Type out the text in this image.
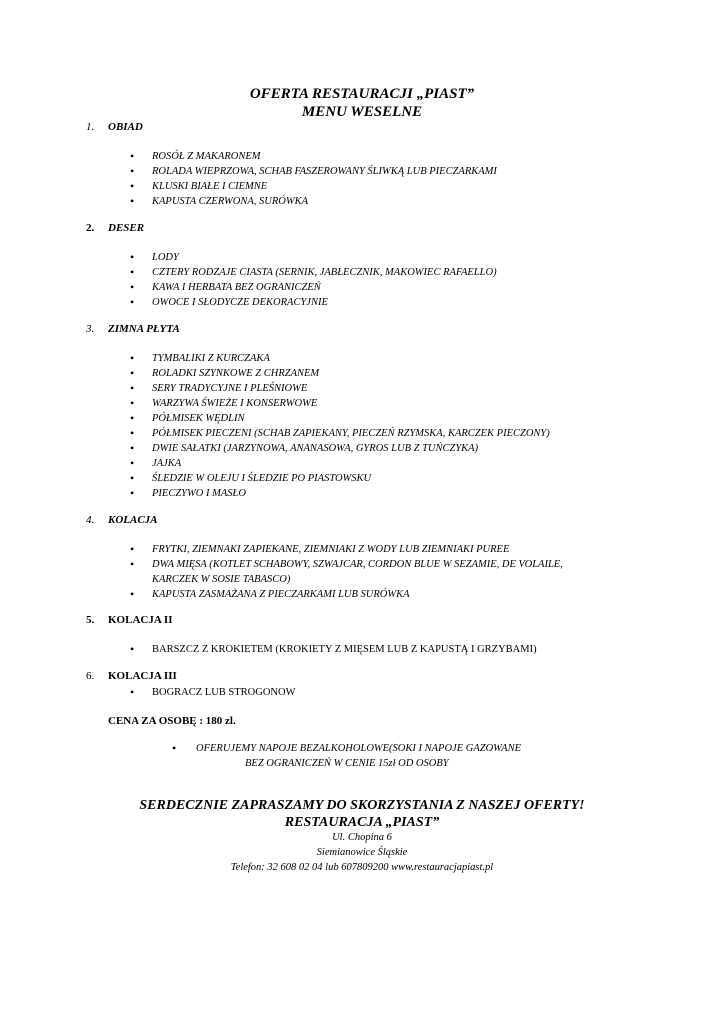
OFERTA RESTAURACJI „PIAST”
MENU WESELNE
1. OBIAD
• ROSÓŁ Z MAKARONEM
• ROLADA WIEPRZOWA, SCHAB FASZEROWANY ŚLIWKĄ LUB PIECZARKAMI
• KLUSKI BIAŁE I CIEMNE
• KAPUSTA CZERWONA, SURÓWKA
2. DESER
• LODY
• CZTERY RODZAJE CIASTA (SERNIK, JABŁECZNIK, MAKOWIEC RAFAELLO)
• KAWA I HERBATA BEZ OGRANICZEŃ
• OWOCE I SŁODYCZE DEKORACYJNIE
3. ZIMNA PŁYTA
• TYMBALIKI Z KURCZAKA
• ROLADKI SZYNKOWE Z CHRZANEM
• SERY TRADYCYJNE I PLEŚNIOWE
• WARZYWA ŚWIEŻE I KONSERWOWE
• PÓŁMISEK WĘDLIN
• PÓŁMISEK PIECZENI (SCHAB ZAPIEKANY, PIECZEŃ RZYMSKA, KARCZEK PIECZONY)
• DWIE SAŁATKI (JARZYNOWA, ANANASOWA, GYROS LUB Z TUŃCZYKA)
• JAJKA
• ŚLEDZIE W OLEJU I ŚLEDZIE PO PIASTOWSKU
• PIECZYWO I MASŁO
4. KOLACJA
• FRYTKI, ZIEMNAKI ZAPIEKANE, ZIEMNIAKI Z WODY LUB ZIEMNIAKI PUREE
• DWA MIĘSA (KOTLET SCHABOWY, SZWAJCAR, CORDON BLUE W SEZAMIE, DE VOLAILE,
KARCZEK W SOSIE TABASCO)
• KAPUSTA ZASMAŻANA Z PIECZARKAMI LUB SURÓWKA
5. KOLACJA II
• BARSZCZ Z KROKIETEM (KROKIETY Z MIĘSEM LUB Z KAPUSTĄ I GRZYBAMI)
6. KOLACJA III
• BOGRACZ LUB STROGONOW
CENA ZA OSOBĘ : 180 zl.
• OFERUJEMY NAPOJE BEZALKOHOLOWE(SOKI I NAPOJE GAZOWANE
BEZ OGRANICZEŃ W CENIE 15zł OD OSOBY
SERDECZNIE ZAPRASZAMY DO SKORZYSTANIA Z NASZEJ OFERTY!
RESTAURACJA „PIAST”
Ul. Chopina 6
Siemianowice Śląskie
Telefon: 32 608 02 04 lub 607809200 www.restauracjapiast.pl
